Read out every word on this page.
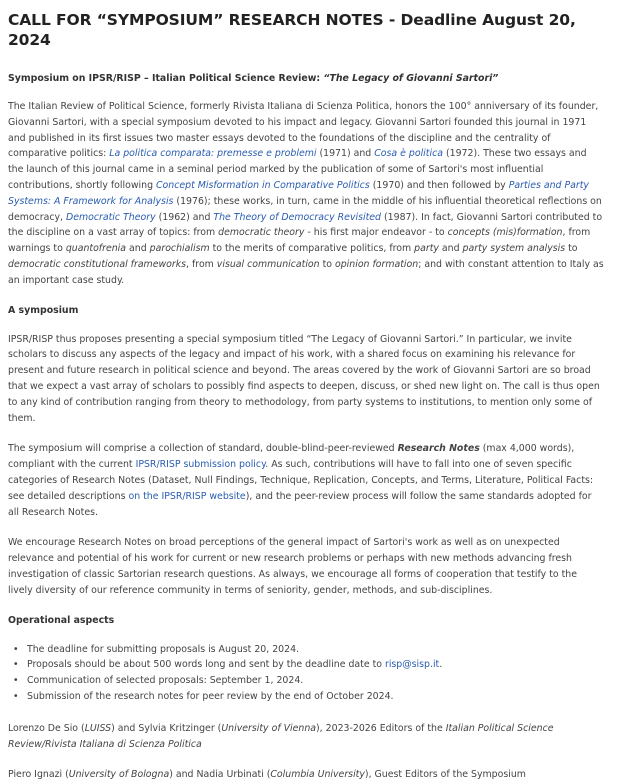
CALL FOR “SYMPOSIUM” RESEARCH NOTES - Deadline August 20, 2024
Symposium on IPSR/RISP – Italian Political Science Review: “The Legacy of Giovanni Sartori”

The Italian Review of Political Science, formerly Rivista Italiana di Scienza Politica, honors the 100° anniversary of its founder, Giovanni Sartori, with a special symposium devoted to his impact and legacy. Giovanni Sartori founded this journal in 1971 and published in its first issues two master essays devoted to the foundations of the discipline and the centrality of comparative politics: La politica comparata: premesse e problemi (1971) and Cosa è politica (1972). These two essays and the launch of this journal came in a seminal period marked by the publication of some of Sartori's most influential contributions, shortly following Concept Misformation in Comparative Politics (1970) and then followed by Parties and Party Systems: A Framework for Analysis (1976); these works, in turn, came in the middle of his influential theoretical reflections on democracy, Democratic Theory (1962) and The Theory of Democracy Revisited (1987). In fact, Giovanni Sartori contributed to the discipline on a vast array of topics: from democratic theory - his first major endeavor - to concepts (mis)formation, from warnings to quantofrenia and parochialism to the merits of comparative politics, from party and party system analysis to democratic constitutional frameworks, from visual communication to opinion formation; and with constant attention to Italy as an important case study.

A symposium

IPSR/RISP thus proposes presenting a special symposium titled “The Legacy of Giovanni Sartori.” In particular, we invite scholars to discuss any aspects of the legacy and impact of his work, with a shared focus on examining his relevance for present and future research in political science and beyond. The areas covered by the work of Giovanni Sartori are so broad that we expect a vast array of scholars to possibly find aspects to deepen, discuss, or shed new light on. The call is thus open to any kind of contribution ranging from theory to methodology, from party systems to institutions, to mention only some of them.

The symposium will comprise a collection of standard, double-blind-peer-reviewed Research Notes (max 4,000 words), compliant with the current IPSR/RISP submission policy. As such, contributions will have to fall into one of seven specific categories of Research Notes (Dataset, Null Findings, Technique, Replication, Concepts, and Terms, Literature, Political Facts: see detailed descriptions on the IPSR/RISP website), and the peer-review process will follow the same standards adopted for all Research Notes.

We encourage Research Notes on broad perceptions of the general impact of Sartori's work as well as on unexpected relevance and potential of his work for current or new research problems or perhaps with new methods advancing fresh investigation of classic Sartorian research questions. As always, we encourage all forms of cooperation that testify to the lively diversity of our reference community in terms of seniority, gender, methods, and sub-disciplines.

Operational aspects
• The deadline for submitting proposals is August 20, 2024.
• Proposals should be about 500 words long and sent by the deadline date to risp@sisp.it.
• Communication of selected proposals: September 1, 2024.
• Submission of the research notes for peer review by the end of October 2024.

Lorenzo De Sio (LUISS) and Sylvia Kritzinger (University of Vienna), 2023-2026 Editors of the Italian Political Science Review/Rivista Italiana di Scienza Politica

Piero Ignazi (University of Bologna) and Nadia Urbinati (Columbia University), Guest Editors of the Symposium
